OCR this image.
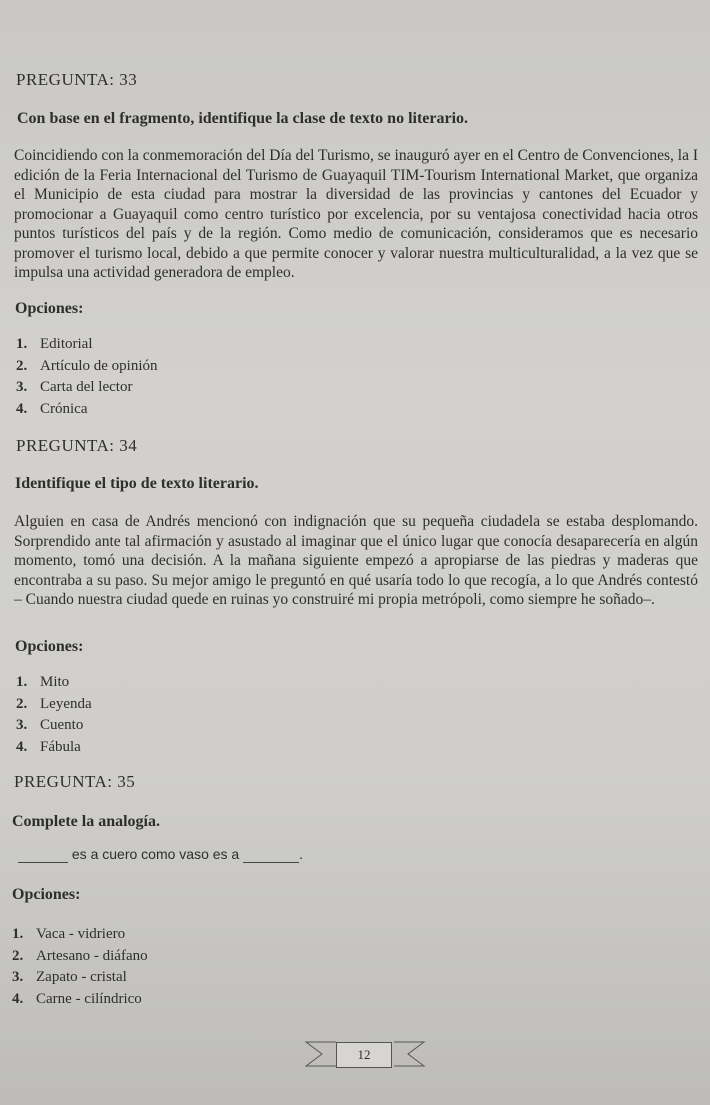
PREGUNTA: 33
Con base en el fragmento, identifique la clase de texto no literario.
Coincidiendo con la conmemoración del Día del Turismo, se inauguró ayer en el Centro de Convenciones, la I edición de la Feria Internacional del Turismo de Guayaquil TIM-Tourism International Market, que organiza el Municipio de esta ciudad para mostrar la diversidad de las provincias y cantones del Ecuador y promocionar a Guayaquil como centro turístico por excelencia, por su ventajosa conectividad hacia otros puntos turísticos del país y de la región. Como medio de comunicación, consideramos que es necesario promover el turismo local, debido a que permite conocer y valorar nuestra multiculturalidad, a la vez que se impulsa una actividad generadora de empleo.
Opciones:
1. Editorial
2. Artículo de opinión
3. Carta del lector
4. Crónica
PREGUNTA: 34
Identifique el tipo de texto literario.
Alguien en casa de Andrés mencionó con indignación que su pequeña ciudadela se estaba desplomando. Sorprendido ante tal afirmación y asustado al imaginar que el único lugar que conocía desaparecería en algún momento, tomó una decisión. A la mañana siguiente empezó a apropiarse de las piedras y maderas que encontraba a su paso. Su mejor amigo le preguntó en qué usaría todo lo que recogía, a lo que Andrés contestó – Cuando nuestra ciudad quede en ruinas yo construiré mi propia metrópoli, como siempre he soñado–.
Opciones:
1. Mito
2. Leyenda
3. Cuento
4. Fábula
PREGUNTA: 35
Complete la analogía.
es a cuero como vaso es a	.
Opciones:
1. Vaca - vidriero
2. Artesano - diáfano
3. Zapato - cristal
4. Carne - cilíndrico
12
